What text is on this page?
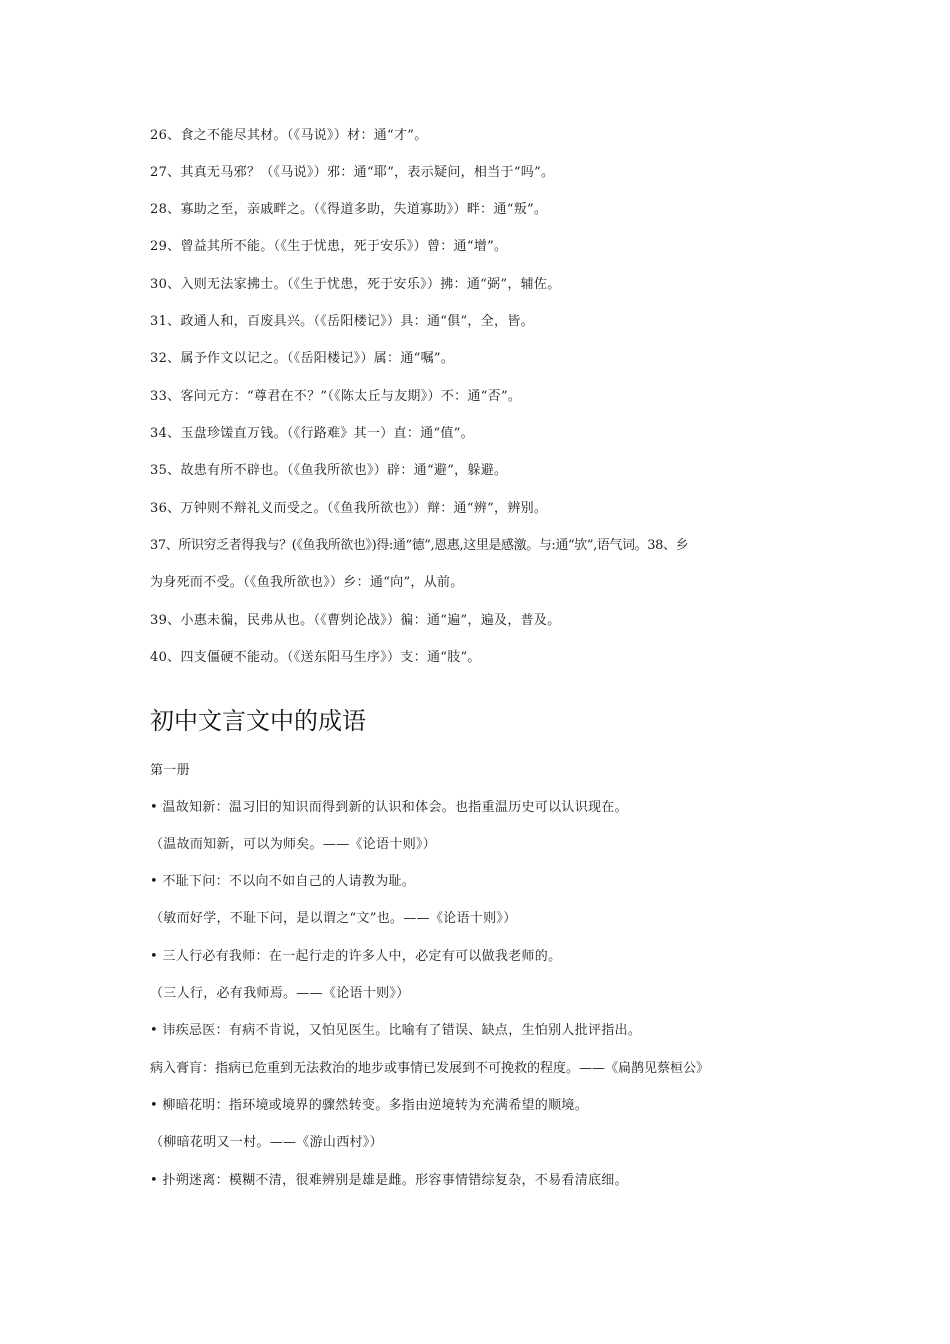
26、食之不能尽其材。（《马说》）材：通“才”。
27、其真无马邪？（《马说》）邪：通“耶”，表示疑问，相当于“吗”。
28、寡助之至，亲戚畔之。（《得道多助，失道寡助》）畔：通“叛”。
29、曾益其所不能。（《生于忧患，死于安乐》）曾：通“增”。
30、入则无法家拂士。（《生于忧患，死于安乐》）拂：通“弼”，辅佐。
31、政通人和，百废具兴。（《岳阳楼记》）具：通“俱”，全，皆。
32、属予作文以记之。（《岳阳楼记》）属：通“嘱”。
33、客问元方：“尊君在不？”（《陈太丘与友期》）不：通“否”。
34、玉盘珍馐直万钱。（《行路难》其一）直：通“值”。
35、故患有所不辟也。（《鱼我所欲也》）辟：通“避”，躲避。
36、万钟则不辩礼义而受之。（《鱼我所欲也》）辩：通“辨”，辨别。
37、所识穷乏者得我与？(《鱼我所欲也》)得:通“德”,恩惠,这里是感激。与:通“欤”,语气词。38、乡
为身死而不受。（《鱼我所欲也》）乡：通“向”，从前。
39、小惠未徧，民弗从也。（《曹刿论战》）徧：通“遍”，遍及，普及。
40、四支僵硬不能动。（《送东阳马生序》）支：通“肢”。
初中文言文中的成语
第一册
• 温故知新：温习旧的知识而得到新的认识和体会。也指重温历史可以认识现在。
（温故而知新，可以为师矣。——《论语十则》）
• 不耻下问：不以向不如自己的人请教为耻。
（敏而好学，不耻下问，是以谓之“文”也。——《论语十则》）
• 三人行必有我师：在一起行走的许多人中，必定有可以做我老师的。
（三人行，必有我师焉。——《论语十则》）
• 讳疾忌医：有病不肯说，又怕见医生。比喻有了错误、缺点，生怕别人批评指出。
病入膏肓：指病已危重到无法救治的地步或事情已发展到不可挽救的程度。——《扁鹊见蔡桓公》
• 柳暗花明：指环境或境界的骤然转变。多指由逆境转为充满希望的顺境。
（柳暗花明又一村。——《游山西村》）
• 扑朔迷离：模糊不清，很难辨别是雄是雌。形容事情错综复杂，不易看清底细。
